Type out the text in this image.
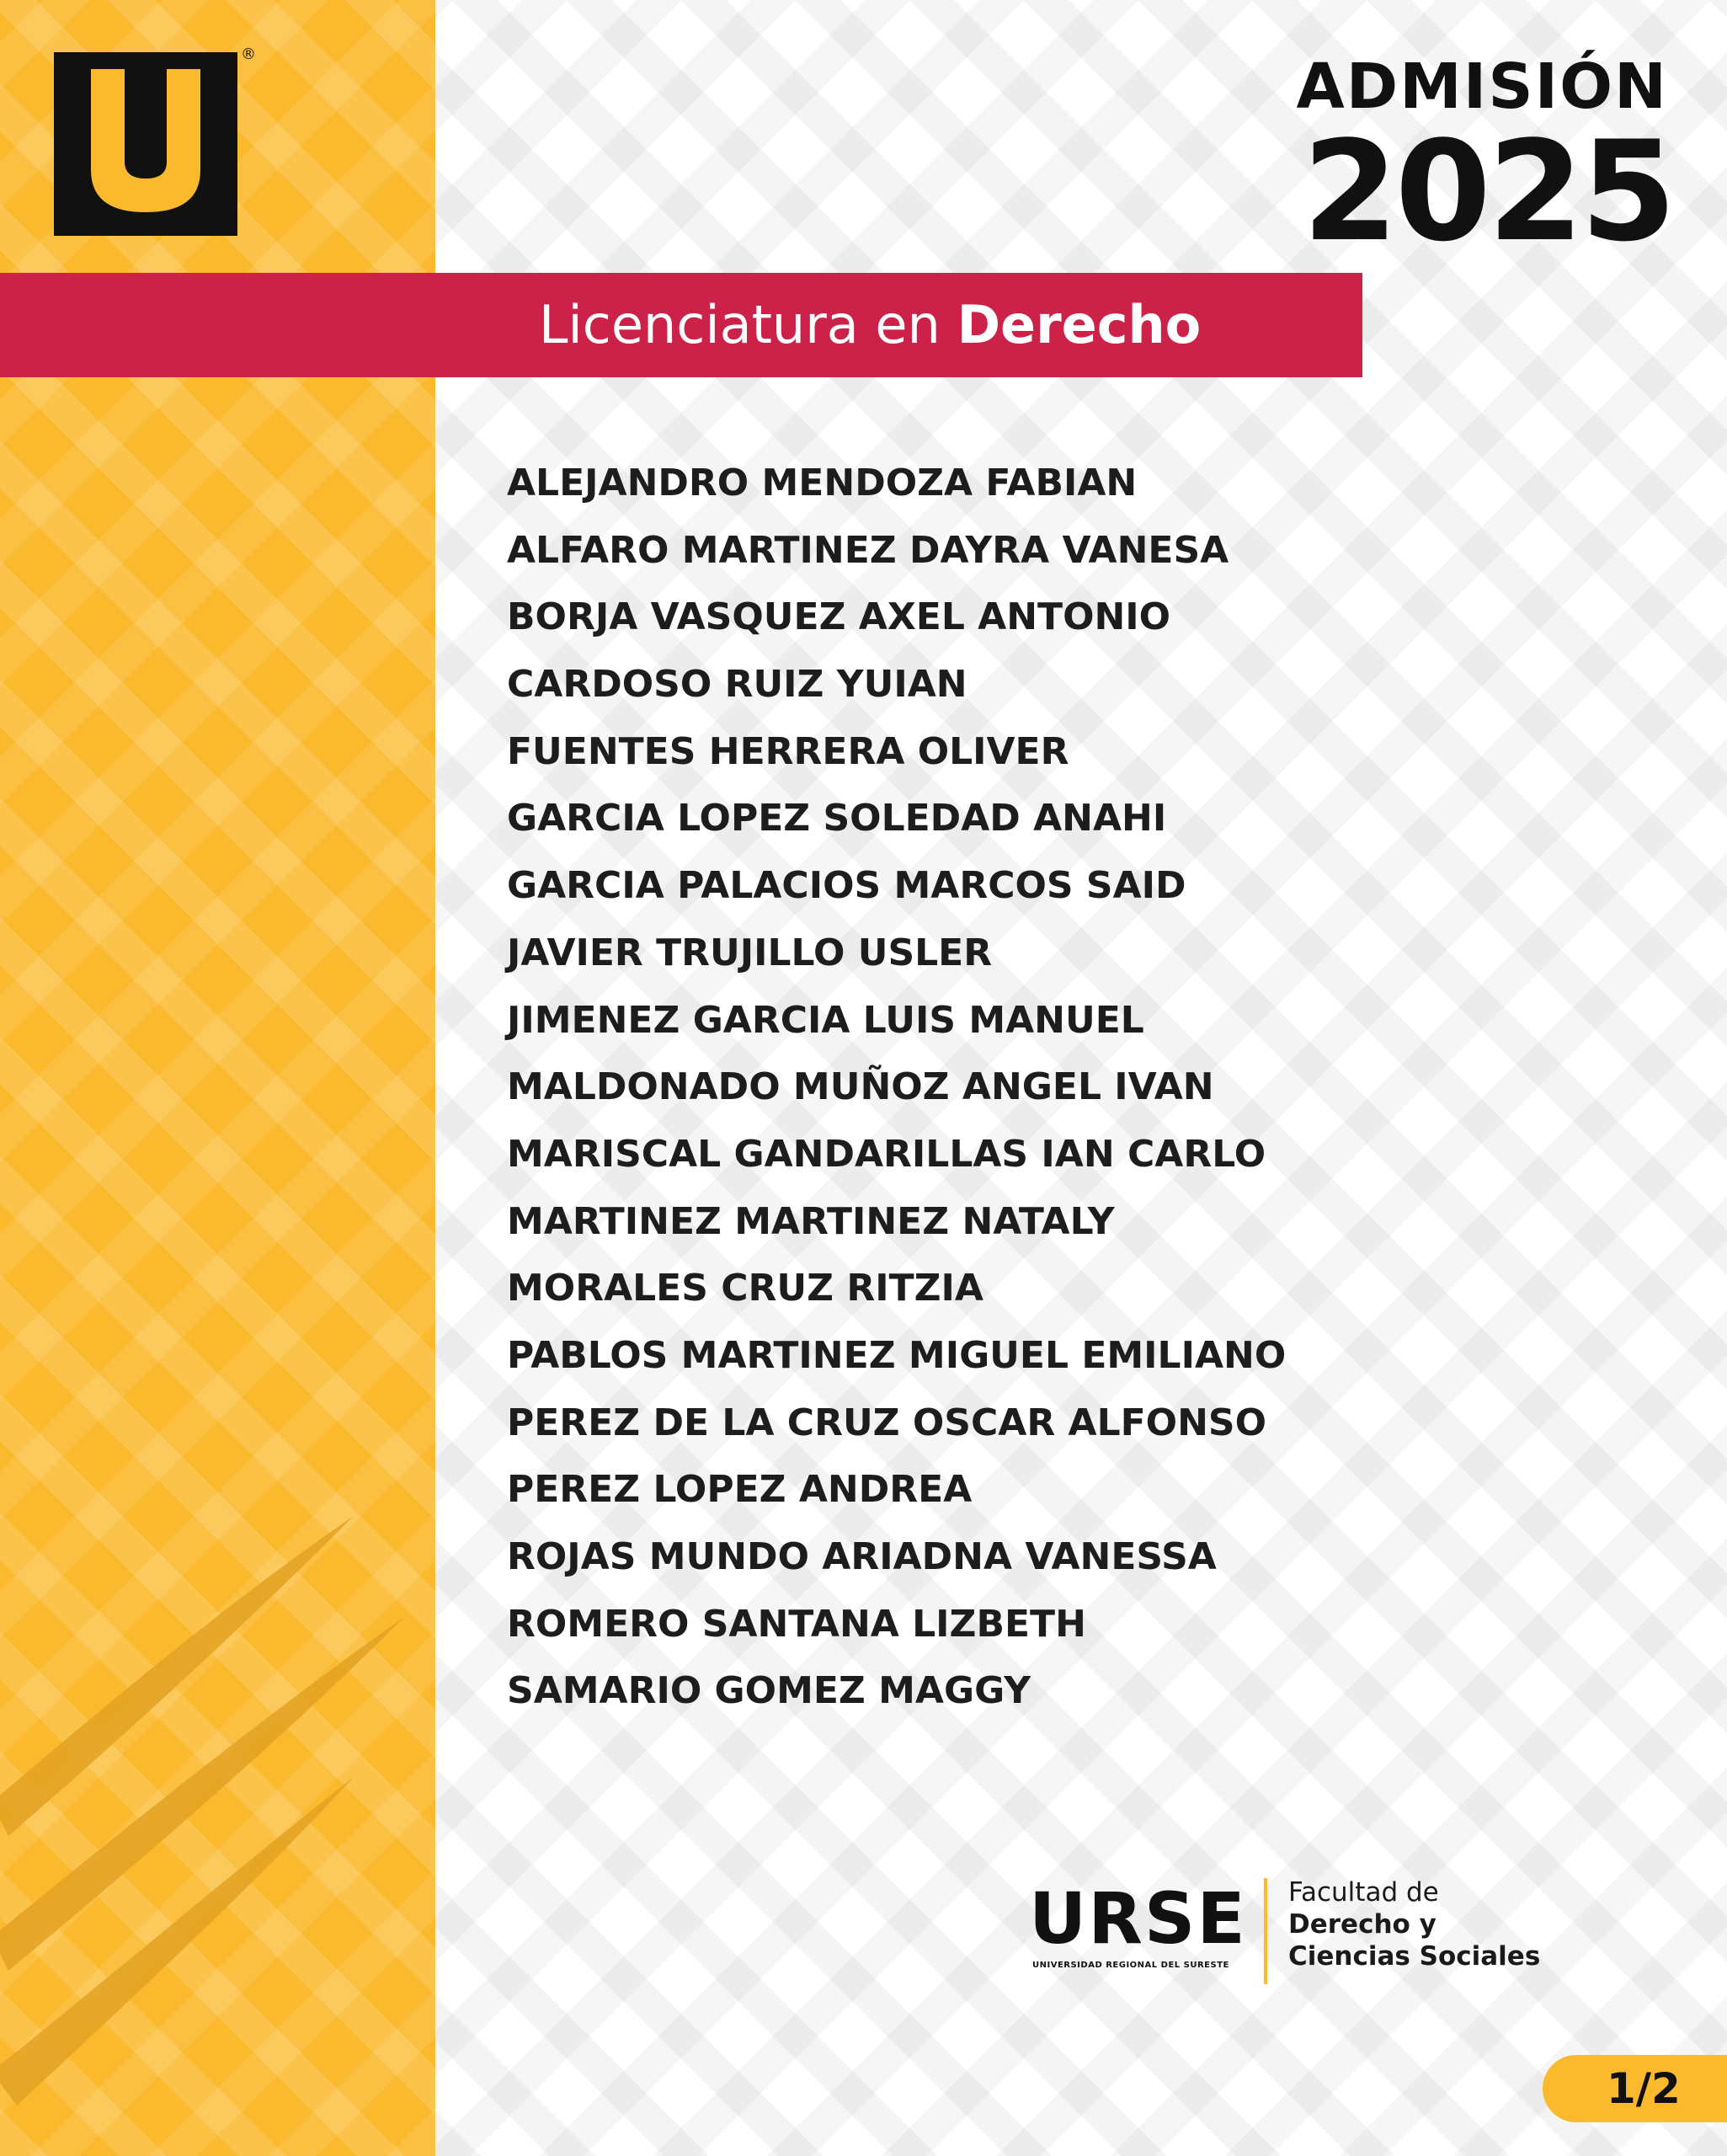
®	ADMISIÓN
2025
Licenciatura en Derecho
ALEJANDRO MENDOZA FABIAN
ALFARO MARTINEZ DAYRA VANESA
BORJA VASQUEZ AXEL ANTONIO
CARDOSO RUIZ YUIAN
FUENTES HERRERA OLIVER
GARCIA LOPEZ SOLEDAD ANAHI
GARCIA PALACIOS MARCOS SAID
JAVIER TRUJILLO USLER
JIMENEZ GARCIA LUIS MANUEL
MALDONADO MUÑOZ ANGEL IVAN
MARISCAL GANDARILLAS IAN CARLO
MARTINEZ MARTINEZ NATALY
MORALES CRUZ RITZIA
PABLOS MARTINEZ MIGUEL EMILIANO
PEREZ DE LA CRUZ OSCAR ALFONSO
PEREZ LOPEZ ANDREA
ROJAS MUNDO ARIADNA VANESSA
ROMERO SANTANA LIZBETH
SAMARIO GOMEZ MAGGY
URSE
UNIVERSIDAD REGIONAL DEL SURESTE
Facultad de
Derecho y
Ciencias Sociales
1/2
